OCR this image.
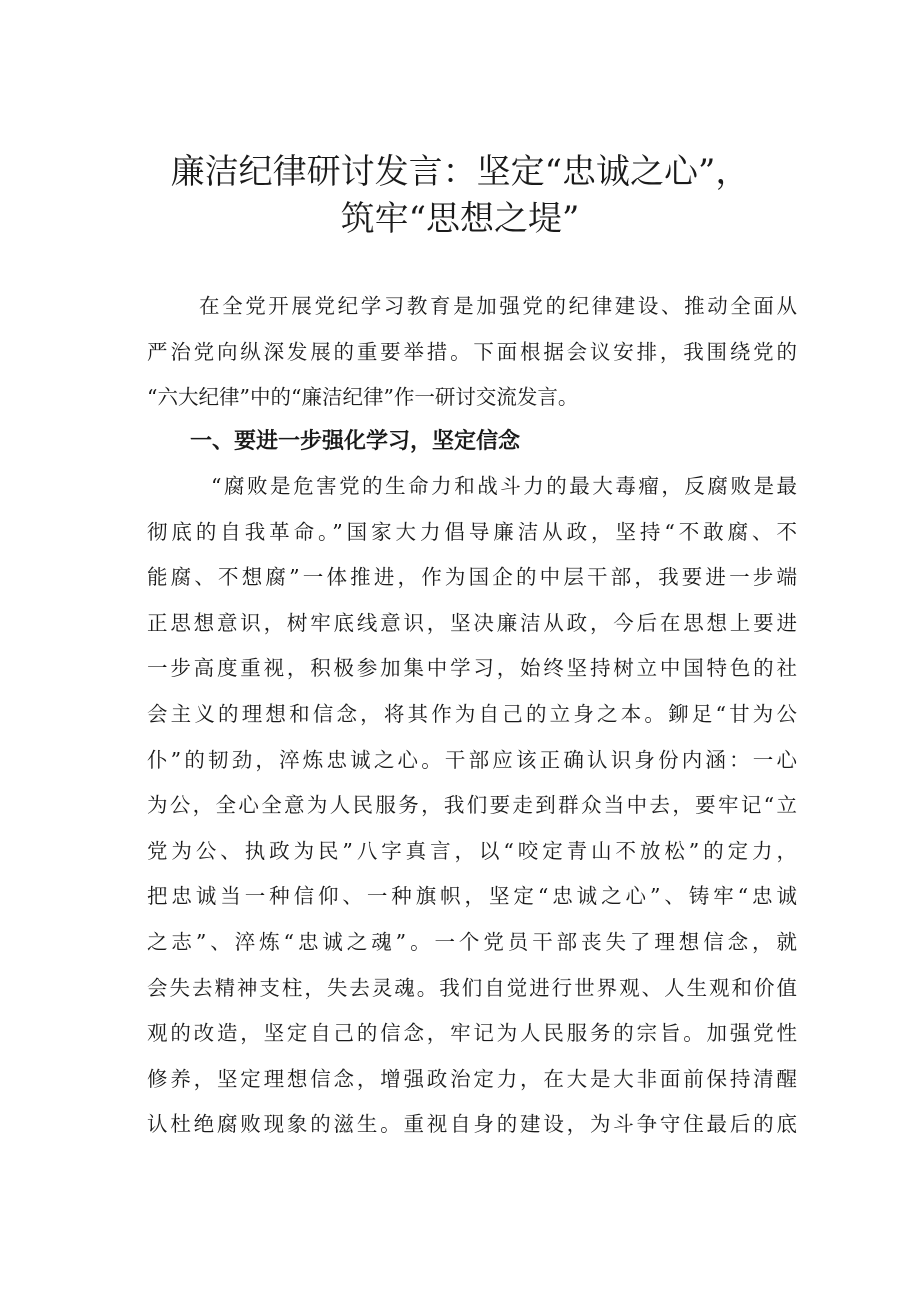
廉洁纪律研讨发言：坚定“忠诚之心”，
筑牢“思想之堤”
在全党开展党纪学习教育是加强党的纪律建设、推动全面从
严治党向纵深发展的重要举措。下面根据会议安排，我围绕党的
“六大纪律”中的“廉洁纪律”作一研讨交流发言。
一、要进一步强化学习，坚定信念
“腐败是危害党的生命力和战斗力的最大毒瘤，反腐败是最
彻底的自我革命。”国家大力倡导廉洁从政，坚持“不敢腐、不
能腐、不想腐”一体推进，作为国企的中层干部，我要进一步端
正思想意识，树牢底线意识，坚决廉洁从政，今后在思想上要进
一步高度重视，积极参加集中学习，始终坚持树立中国特色的社
会主义的理想和信念，将其作为自己的立身之本。鉚足“甘为公
仆”的韧劲，淬炼忠诚之心。干部应该正确认识身份内涵：一心
为公，全心全意为人民服务，我们要走到群众当中去，要牢记“立
党为公、执政为民”八字真言，以“咬定青山不放松”的定力，
把忠诚当一种信仰、一种旗帜，坚定“忠诚之心”、铸牢“忠诚
之志”、淬炼“忠诚之魂”。一个党员干部丧失了理想信念，就
会失去精神支柱，失去灵魂。我们自觉进行世界观、人生观和价值
观的改造，坚定自己的信念，牢记为人民服务的宗旨。加强党性
修养，坚定理想信念，增强政治定力，在大是大非面前保持清醒
认杜绝腐败现象的滋生。重视自身的建设，为斗争守住最后的底
